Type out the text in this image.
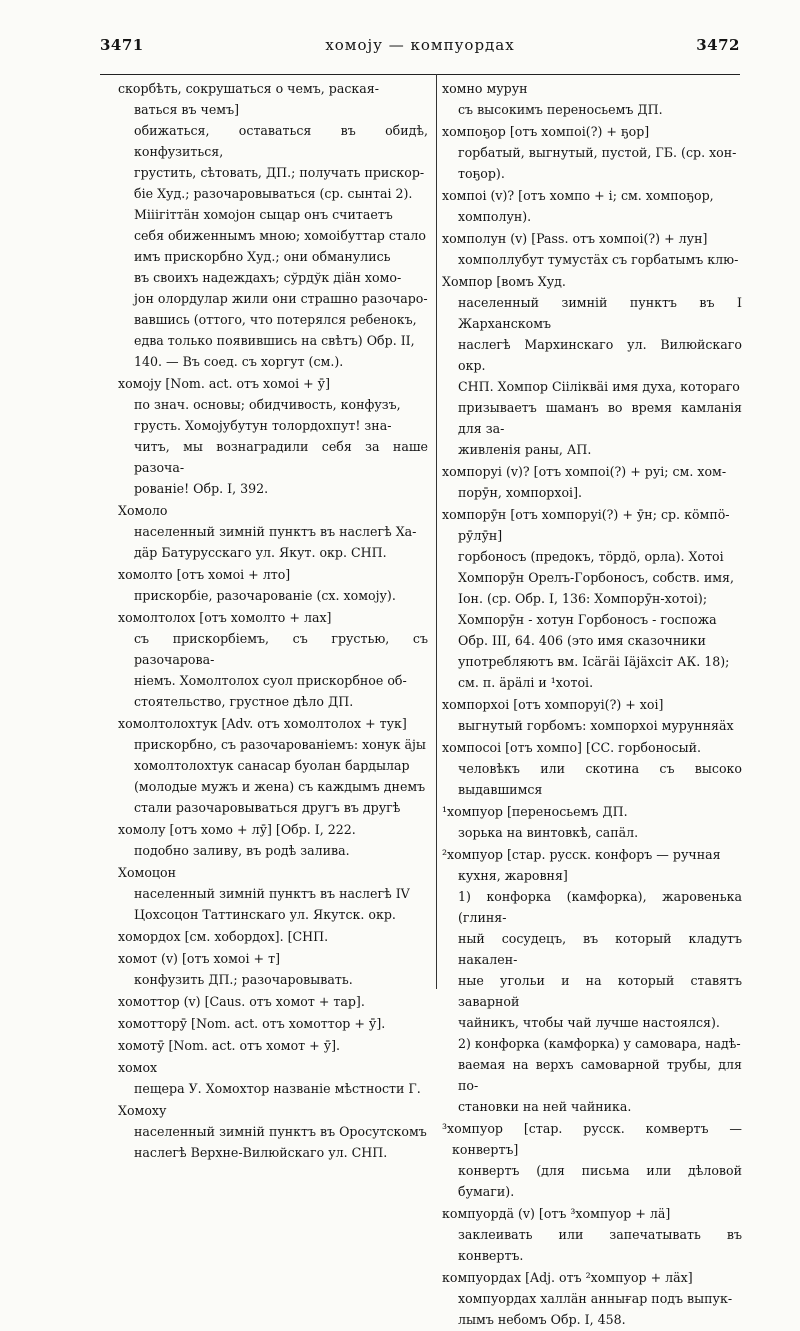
3471	хомоју — компуордах	3472

скорбѣть, сокрушаться о чемъ, раская-

ваться въ чемъ]

обижаться, оставаться въ обидѣ, конфузиться,

грустить, сѣтовать, ДП.; получать прискор-

біе Худ.; разочаровываться (ср. сынтаі 2).

Мііігіттäн хомојон сыцар онъ считаетъ

себя обиженнымъ мною; хомоібуттар стало

имъ прискорбно Худ.; они обманулись

въ своихъ надеждахъ; сўрдўк дiäн хомо-

јон олордулар жили они страшно разочаро-

вавшись (оттого, что потерялся ребенокъ,

едва только появившись на свѣтъ) Обр. II,

140. — Въ соед. съ хоргут (см.).

хомоју [Nom. act. отъ хомоі + ӯ]

по знач. основы; обидчивость, конфузъ,

грусть. Хомојубутун толордохпут! зна-

читъ, мы вознаградили себя за наше разоча-

рованіе! Обр. I, 392.

Хомоло

населенный зимній пунктъ въ наслегѣ Ха-

дäр Батурусскаго ул. Якут. окр. СНП.

хомолто [отъ хомоі + лто]

прискорбіе, разочарованіе (сх. хомоју).

хомолтолох [отъ хомолто + лах]

съ прискорбіемъ, съ грустью, съ разочарова-

ніемъ. Хомолтолох суол прискорбное об-

стоятельство, грустное дѣло ДП.

хомолтолохтук [Adv. отъ хомолтолох + тук]

прискорбно, съ разочарованіемъ: хонук äјы

хомолтолохтук санасар буолан бардылар

(молодые мужъ и жена) съ каждымъ днемъ

стали разочаровываться другъ въ другѣ

хомолу [отъ хомо + лӯ] [Обр. I, 222.

подобно заливу, въ родѣ залива.

Хомоцон

населенный зимній пунктъ въ наслегѣ IV

Цохсоцон Таттинскаго ул. Якутск. окр.

хомордох [см. хобордох]. [СНП.

хомот (v) [отъ хомоі + т]

конфузить ДП.; разочаровывать.

хомоттор (v) [Caus. отъ хомот + тар].

хомотторӯ [Nom. act. отъ хомоттор + ӯ].

хомотӯ [Nom. act. отъ хомот + ӯ].

хомох

пещера У. Хомохтор названіе мѣстности Г.

Хомоху

населенный зимній пунктъ въ Оросутскомъ

наслегѣ Верхне-Вилюйскаго ул. СНП.

хомно мурун

съ высокимъ переносьемъ ДП.

хомпоҕор [отъ хомпоі(?) + ҕор]

горбатый, выгнутый, пустой, ГБ. (ср. хон-

тоҕор).

хомпоі (v)? [отъ хомпо + і; см. хомпоҕор,

хомполун).

хомполун (v) [Pass. отъ хомпоі(?) + лун]

хомполлубут тумустäх съ горбатымъ клю-

Хомпор [вомъ Худ.

населенный зимній пунктъ въ I Жарханскомъ

наслегѣ Мархинскаго ул. Вилюйскаго окр.

СНП. Хомпор Сііліквäі имя духа, котораго

призываетъ шаманъ во время камланія для за-

живленія раны, АП.

хомпоруі (v)? [отъ хомпоі(?) + руі; см. хом-

порӯн, хомпорхоі].

хомпорӯн [отъ хомпоруі(?) + ӯн; ср. кöмпö-

рӯлӯн]

горбоносъ (предокъ, тöрдö, орла). Хотоі

Хомпорӯн Орелъ-Горбоносъ, собств. имя,

Іон. (ср. Обр. I, 136: Хомпорӯн-хотоі);

Хомпорӯн - хотун Горбоносъ - госпожа

Обр. III, 64. 406 (это имя сказочники

употребляютъ вм. Ісäгäі Іäјäхсіт АК. 18);

см. п. äрäлі и ¹хотоі.

хомпорхоі [отъ хомпоруі(?) + хоі]

выгнутый горбомъ: хомпорхоі мурунняäх

хомпосоі [отъ хомпо] [СС. горбоносый.

человѣкъ или скотина съ высоко выдавшимся

¹хомпуор [переносьемъ ДП.

зорька на винтовкѣ, сапäл.

²хомпуор [стар. русск. конфоръ — ручная

кухня, жаровня]

1) конфорка (камфорка), жаровенька (глиня-

ный сосудецъ, въ который кладутъ накален-

ные угольи и на который ставятъ заварной

чайникъ, чтобы чай лучше настоялся).

2) конфорка (камфорка) у самовара, надѣ-

ваемая на верхъ самоварной трубы, для по-

становки на ней чайника.

³хомпуор [стар. русск. комвертъ — конвертъ]

конвертъ (для письма или дѣловой бумаги).

компуордä (v) [отъ ³хомпуор + лä]

заклеивать или запечатывать въ конвертъ.

компуордах [Adj. отъ ²хомпуор + лäх]

хомпуордах халлäн аннығар подъ выпук-

лымъ небомъ Обр. I, 458.
